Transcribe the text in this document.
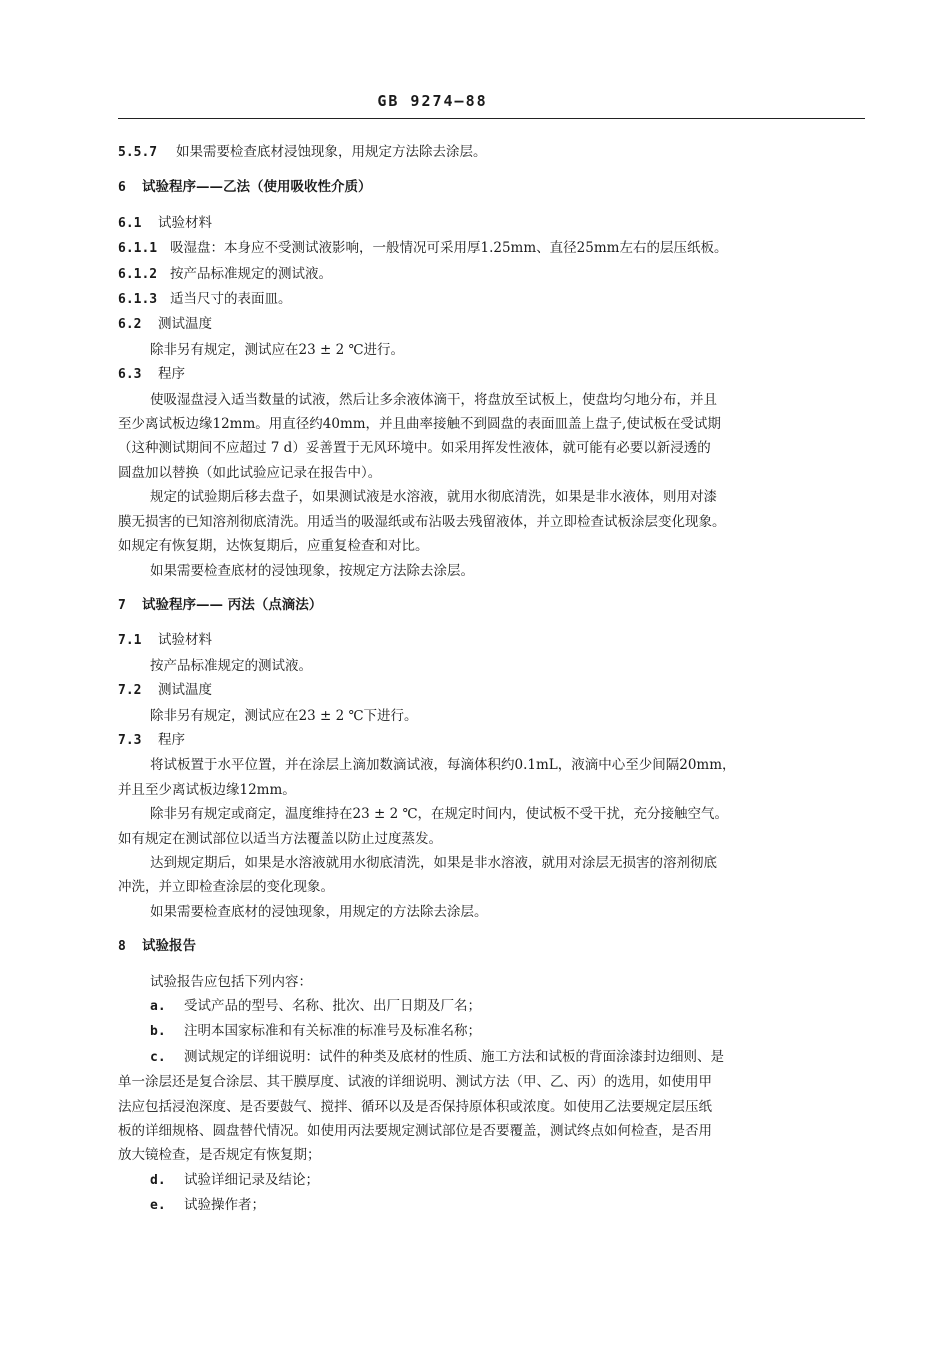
GB 9274—88
5.5.7 如果需要检查底材浸蚀现象，用规定方法除去涂层。
6 试验程序——乙法（使用吸收性介质）
6.1 试验材料
6.1.1 吸湿盘：本身应不受测试液影响，一般情况可采用厚1.25mm、直径25mm左右的层压纸板。
6.1.2 按产品标准规定的测试液。
6.1.3 适当尺寸的表面皿。
6.2 测试温度
除非另有规定，测试应在23 ± 2 ℃进行。
6.3 程序
使吸湿盘浸入适当数量的试液，然后让多余液体滴干，将盘放至试板上，使盘均匀地分布，并且
至少离试板边缘12mm。用直径约40mm，并且曲率接触不到圆盘的表面皿盖上盘子,使试板在受试期
（这种测试期间不应超过 7 d）妥善置于无风环境中。如采用挥发性液体，就可能有必要以新浸透的
圆盘加以替换（如此试验应记录在报告中）。
规定的试验期后移去盘子，如果测试液是水溶液，就用水彻底清洗，如果是非水液体，则用对漆
膜无损害的已知溶剂彻底清洗。用适当的吸湿纸或布沾吸去残留液体，并立即检查试板涂层变化现象。
如规定有恢复期，达恢复期后，应重复检查和对比。
如果需要检查底材的浸蚀现象，按规定方法除去涂层。
7 试验程序—— 丙法（点滴法）
7.1 试验材料
按产品标准规定的测试液。
7.2 测试温度
除非另有规定，测试应在23 ± 2 ℃下进行。
7.3 程序
将试板置于水平位置，并在涂层上滴加数滴试液，每滴体积约0.1mL，液滴中心至少间隔20mm，
并且至少离试板边缘12mm。
除非另有规定或商定，温度维持在23 ± 2 ℃，在规定时间内，使试板不受干扰，充分接触空气。
如有规定在测试部位以适当方法覆盖以防止过度蒸发。
达到规定期后，如果是水溶液就用水彻底清洗，如果是非水溶液，就用对涂层无损害的溶剂彻底
冲洗，并立即检查涂层的变化现象。
如果需要检查底材的浸蚀现象，用规定的方法除去涂层。
8 试验报告
试验报告应包括下列内容：
a. 受试产品的型号、名称、批次、出厂日期及厂名；
b. 注明本国家标准和有关标准的标准号及标准名称；
c. 测试规定的详细说明：试件的种类及底材的性质、施工方法和试板的背面涂漆封边细则、是
单一涂层还是复合涂层、其干膜厚度、试液的详细说明、测试方法（甲、乙、丙）的选用，如使用甲
法应包括浸泡深度、是否要鼓气、搅拌、循环以及是否保持原体积或浓度。如使用乙法要规定层压纸
板的详细规格、圆盘替代情况。如使用丙法要规定测试部位是否要覆盖，测试终点如何检查，是否用
放大镜检查，是否规定有恢复期；
d. 试验详细记录及结论；
e. 试验操作者；
